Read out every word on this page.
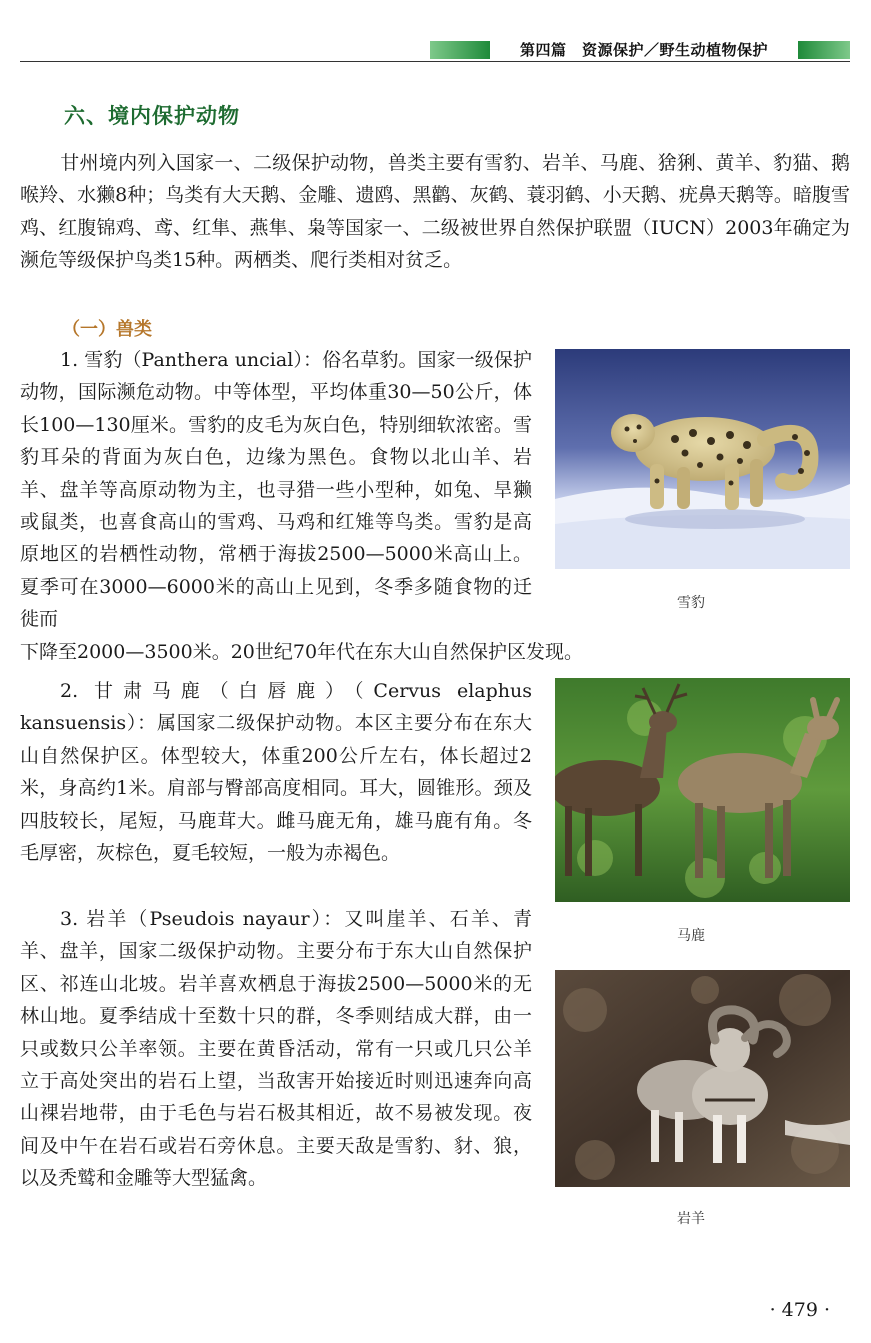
第四篇　资源保护／野生动植物保护
六、境内保护动物

甘州境内列入国家一、二级保护动物，兽类主要有雪豹、岩羊、马鹿、猞猁、黄羊、豹猫、鹅喉羚、水獭8种；鸟类有大天鹅、金雕、遗鸥、黑鹳、灰鹤、蓑羽鹤、小天鹅、疣鼻天鹅等。暗腹雪鸡、红腹锦鸡、鸢、红隼、燕隼、枭等国家一、二级被世界自然保护联盟（IUCN）2003年确定为濒危等级保护鸟类15种。两栖类、爬行类相对贫乏。

（一）兽类

1. 雪豹（Panthera uncial）：俗名草豹。国家一级保护动物，国际濒危动物。中等体型，平均体重30—50公斤，体长100—130厘米。雪豹的皮毛为灰白色，特别细软浓密。雪豹耳朵的背面为灰白色，边缘为黑色。食物以北山羊、岩羊、盘羊等高原动物为主，也寻猎一些小型种，如兔、旱獭或鼠类，也喜食高山的雪鸡、马鸡和红雉等鸟类。雪豹是高原地区的岩栖性动物，常栖于海拔2500—5000米高山上。夏季可在3000—6000米的高山上见到，冬季多随食物的迁徙而

下降至2000—3500米。20世纪70年代在东大山自然保护区发现。

雪豹

2. 甘肃马鹿（白唇鹿）（Cervus elaphus kansuensis）：属国家二级保护动物。本区主要分布在东大山自然保护区。体型较大，体重200公斤左右，体长超过2米，身高约1米。肩部与臀部高度相同。耳大，圆锥形。颈及四肢较长，尾短，马鹿茸大。雌马鹿无角，雄马鹿有角。冬毛厚密，灰棕色，夏毛较短，一般为赤褐色。

马鹿

3. 岩羊（Pseudois nayaur）：又叫崖羊、石羊、青羊、盘羊，国家二级保护动物。主要分布于东大山自然保护区、祁连山北坡。岩羊喜欢栖息于海拔2500—5000米的无林山地。夏季结成十至数十只的群，冬季则结成大群，由一只或数只公羊率领。主要在黄昏活动，常有一只或几只公羊立于高处突出的岩石上望，当敌害开始接近时则迅速奔向高山裸岩地带，由于毛色与岩石极其相近，故不易被发现。夜间及中午在岩石或岩石旁休息。主要天敌是雪豹、豺、狼，以及秃鹫和金雕等大型猛禽。

岩羊
· 479 ·
